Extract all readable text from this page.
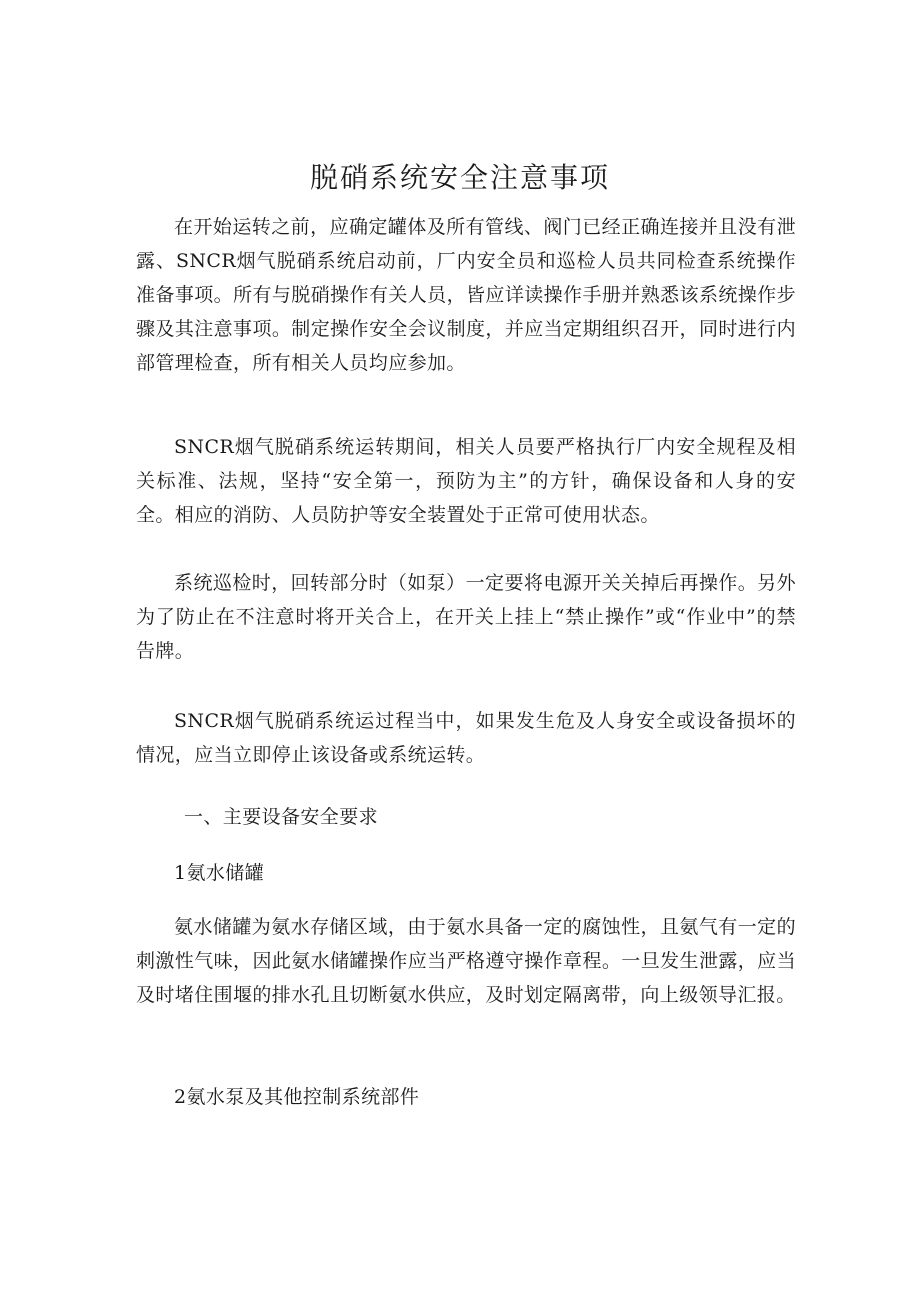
脱硝系统安全注意事项

在开始运转之前，应确定罐体及所有管线、阀门已经正确连接并且没有泄露、SNCR烟气脱硝系统启动前，厂内安全员和巡检人员共同检查系统操作准备事项。所有与脱硝操作有关人员，皆应详读操作手册并熟悉该系统操作步骤及其注意事项。制定操作安全会议制度，并应当定期组织召开，同时进行内部管理检查，所有相关人员均应参加。

SNCR烟气脱硝系统运转期间，相关人员要严格执行厂内安全规程及相关标准、法规，坚持“安全第一，预防为主”的方针，确保设备和人身的安全。相应的消防、人员防护等安全装置处于正常可使用状态。

系统巡检时，回转部分时（如泵）一定要将电源开关关掉后再操作。另外为了防止在不注意时将开关合上，在开关上挂上“禁止操作”或“作业中”的禁告牌。

SNCR烟气脱硝系统运过程当中，如果发生危及人身安全或设备损坏的情况，应当立即停止该设备或系统运转。

一、主要设备安全要求
1氨水储罐

氨水储罐为氨水存储区域，由于氨水具备一定的腐蚀性，且氨气有一定的刺激性气味，因此氨水储罐操作应当严格遵守操作章程。一旦发生泄露，应当及时堵住围堰的排水孔且切断氨水供应，及时划定隔离带，向上级领导汇报。

2氨水泵及其他控制系统部件
